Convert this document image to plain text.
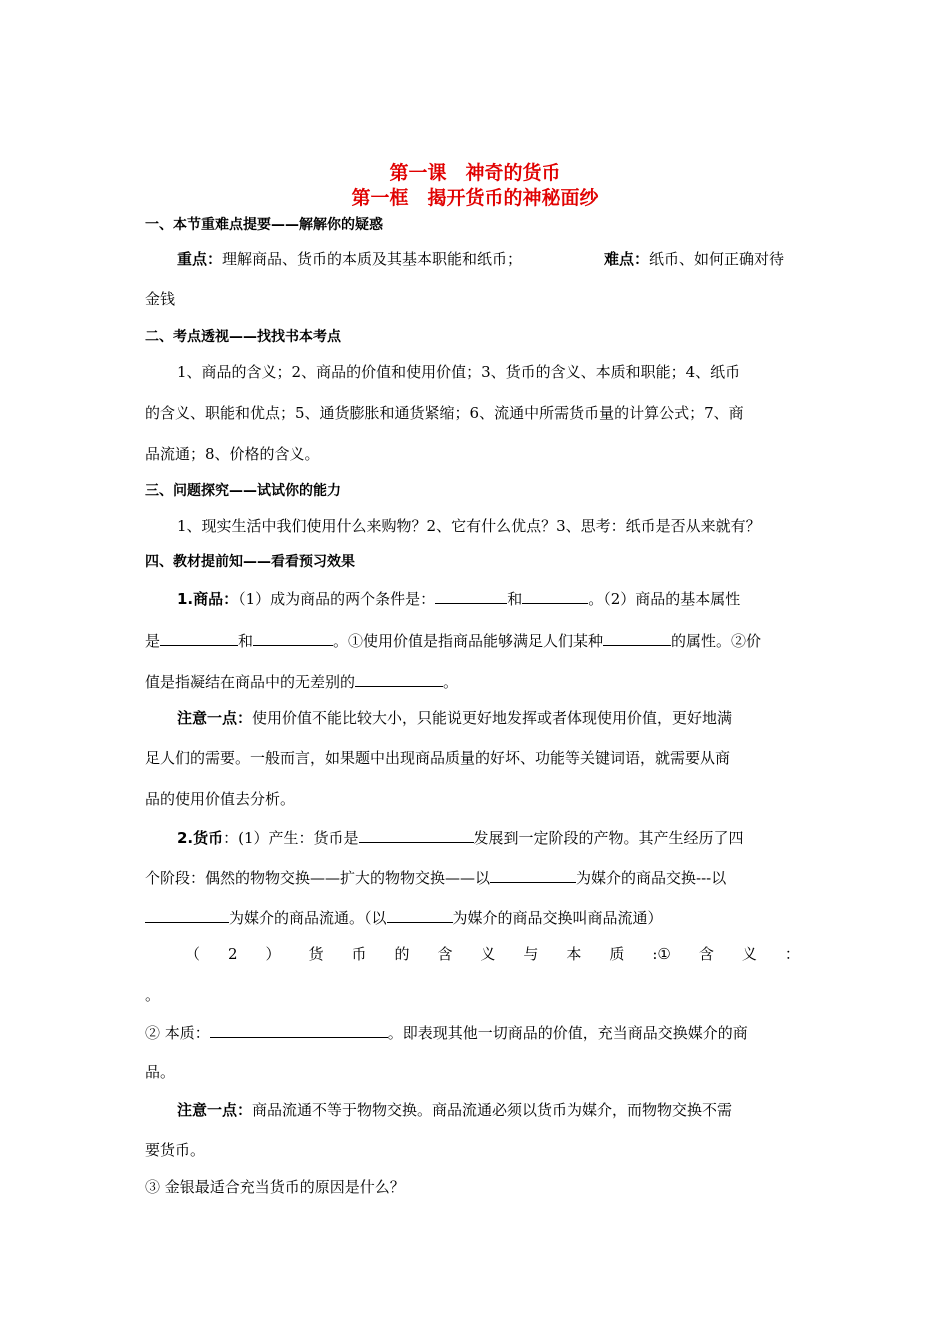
第一课　神奇的货币
第一框　揭开货币的神秘面纱
一、本节重难点提要——解解你的疑惑
重点：理解商品、货币的本质及其基本职能和纸币；	难点：纸币、如何正确对待
金钱
二、考点透视——找找书本考点
1、商品的含义；2、商品的价值和使用价值；3、货币的含义、本质和职能；4、纸币
的含义、职能和优点；5、通货膨胀和通货紧缩；6、流通中所需货币量的计算公式；7、商
品流通；8、价格的含义。
三、问题探究——试试你的能力
1、现实生活中我们使用什么来购物？2、它有什么优点？3、思考：纸币是否从来就有？
四、教材提前知——看看预习效果
1.商品：（1）成为商品的两个条件是：	和	。（2）商品的基本属性
是	和	。①使用价值是指商品能够满足人们某种	的属性。②价
值是指凝结在商品中的无差别的	。
注意一点：使用价值不能比较大小，只能说更好地发挥或者体现使用价值，更好地满
足人们的需要。一般而言，如果题中出现商品质量的好坏、功能等关键词语，就需要从商
品的使用价值去分析。
2.货币：(1）产生：货币是	发展到一定阶段的产物。其产生经历了四
个阶段：偶然的物物交换——扩大的物物交换——以	为媒介的商品交换---以
为媒介的商品流通。（以	为媒介的商品交换叫商品流通）
（ 2 ） 货 币 的 含 义 与 本 质 :① 含 义 ：
。
② 本质：	。即表现其他一切商品的价值，充当商品交换媒介的商
品。
注意一点：商品流通不等于物物交换。商品流通必须以货币为媒介，而物物交换不需
要货币。
③ 金银最适合充当货币的原因是什么？
